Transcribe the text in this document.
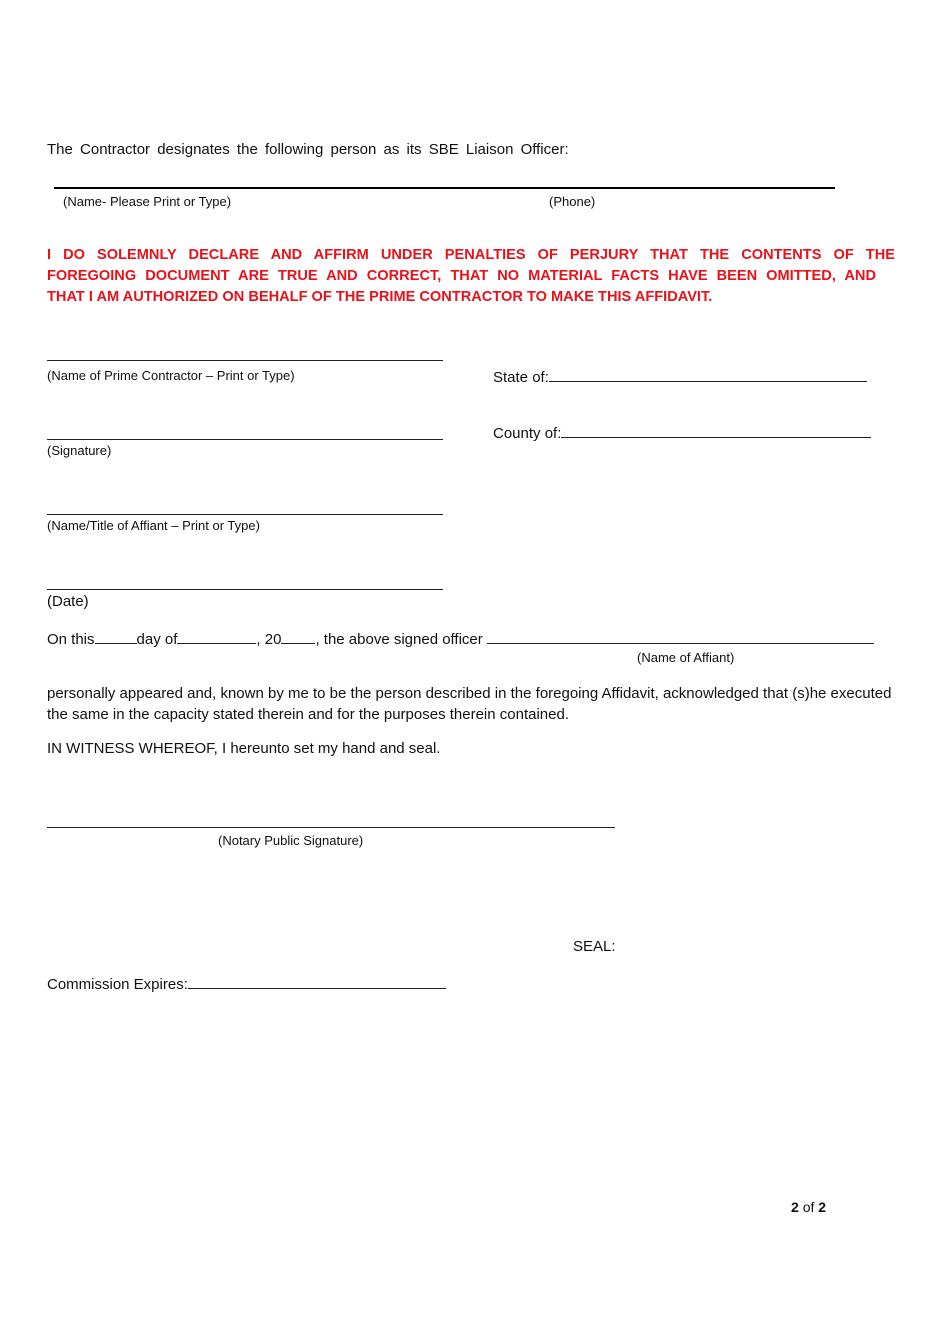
The Contractor designates the following person as its SBE Liaison Officer:
(Name- Please Print or Type)	(Phone)
I DO SOLEMNLY DECLARE AND AFFIRM UNDER PENALTIES OF PERJURY THAT THE CONTENTS OF THE
FOREGOING DOCUMENT ARE TRUE AND CORRECT, THAT NO MATERIAL FACTS HAVE BEEN OMITTED, AND
THAT I AM AUTHORIZED ON BEHALF OF THE PRIME CONTRACTOR TO MAKE THIS AFFIDAVIT.
(Name of Prime Contractor – Print or Type)
(Signature)
(Name/Title of Affiant – Print or Type)
(Date)
State of:
County of:
On this	day of	, 20 , the above signed officer
(Name of Affiant)
personally appeared and, known by me to be the person described in the foregoing Affidavit, acknowledged that (s)he executed the same in the capacity stated therein and for the purposes therein contained.
IN WITNESS WHEREOF, I hereunto set my hand and seal.
(Notary Public Signature)
SEAL:
Commission Expires:
2 of 2
